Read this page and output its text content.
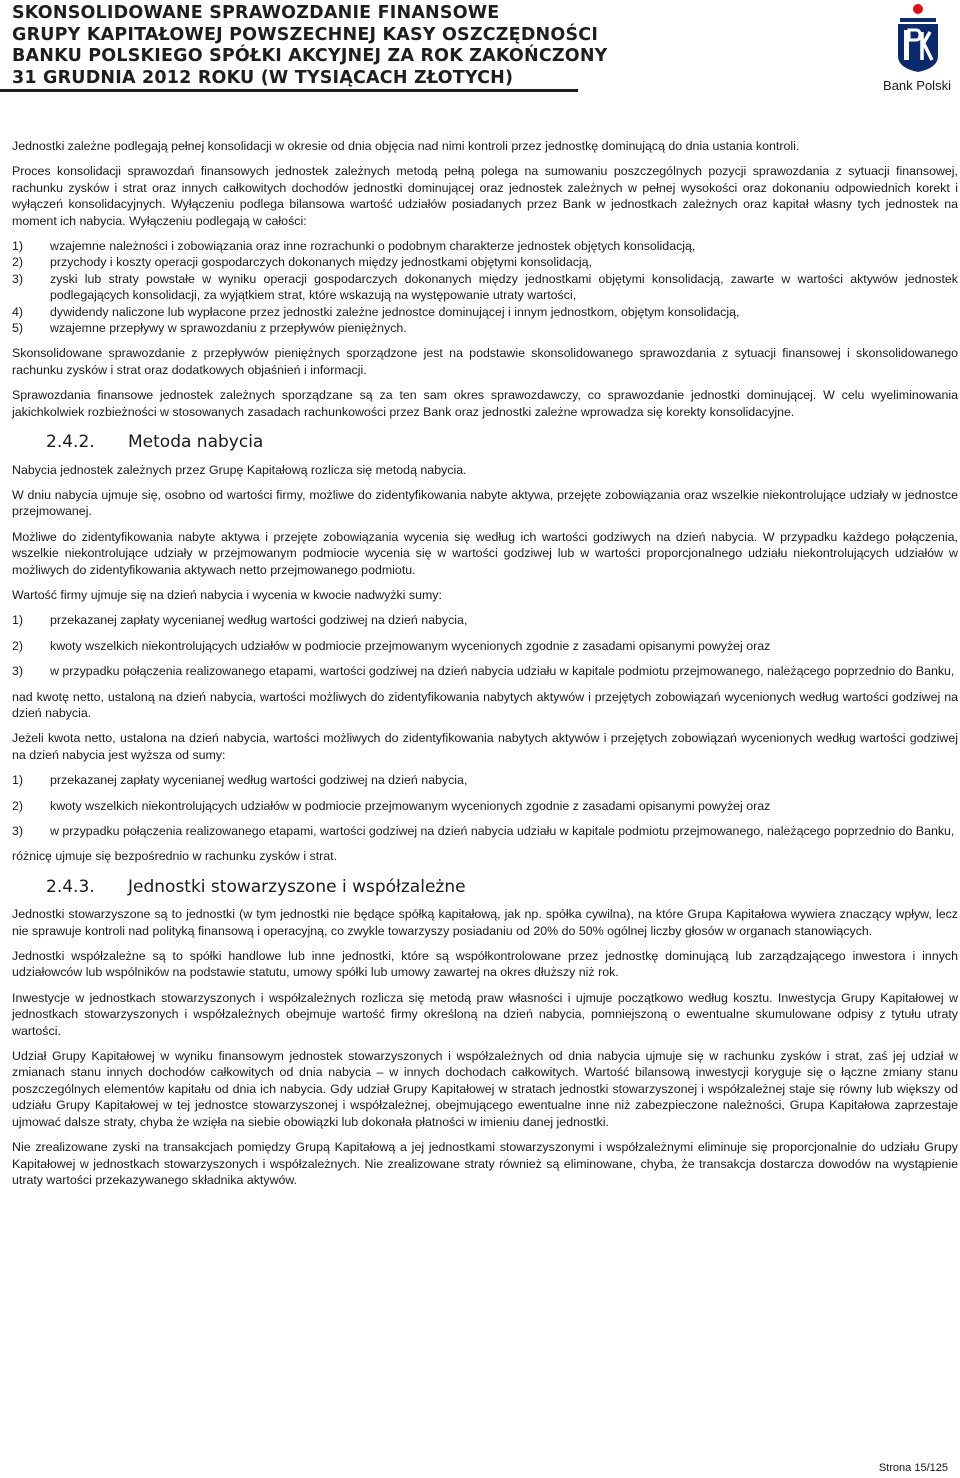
SKONSOLIDOWANE SPRAWOZDANIE FINANSOWE
GRUPY KAPITAŁOWEJ POWSZECHNEJ KASY OSZCZĘDNOŚCI
BANKU POLSKIEGO SPÓŁKI AKCYJNEJ ZA ROK ZAKOŃCZONY
31 GRUDNIA 2012 ROKU (W TYSIĄCACH ZŁOTYCH)	Bank Polski

Jednostki zależne podlegają pełnej konsolidacji w okresie od dnia objęcia nad nimi kontroli przez jednostkę dominującą do dnia ustania kontroli.

Proces konsolidacji sprawozdań finansowych jednostek zależnych metodą pełną polega na sumowaniu poszczególnych pozycji sprawozdania z sytuacji finansowej, rachunku zysków i strat oraz innych całkowitych dochodów jednostki dominującej oraz jednostek zależnych w pełnej wysokości oraz dokonaniu odpowiednich korekt i wyłączeń konsolidacyjnych. Wyłączeniu podlega bilansowa wartość udziałów posiadanych przez Bank w jednostkach zależnych oraz kapitał własny tych jednostek na moment ich nabycia. Wyłączeniu podlegają w całości:

1)	wzajemne należności i zobowiązania oraz inne rozrachunki o podobnym charakterze jednostek objętych konsolidacją,
2)	przychody i koszty operacji gospodarczych dokonanych między jednostkami objętymi konsolidacją,
3)	zyski lub straty powstałe w wyniku operacji gospodarczych dokonanych między jednostkami objętymi konsolidacją, zawarte w wartości aktywów jednostek podlegających konsolidacji, za wyjątkiem strat, które wskazują na występowanie utraty wartości,
4)	dywidendy naliczone lub wypłacone przez jednostki zależne jednostce dominującej i innym jednostkom, objętym konsolidacją,
5)	wzajemne przepływy w sprawozdaniu z przepływów pieniężnych.

Skonsolidowane sprawozdanie z przepływów pieniężnych sporządzone jest na podstawie skonsolidowanego sprawozdania z sytuacji finansowej i skonsolidowanego rachunku zysków i strat oraz dodatkowych objaśnień i informacji.

Sprawozdania finansowe jednostek zależnych sporządzane są za ten sam okres sprawozdawczy, co sprawozdanie jednostki dominującej. W celu wyeliminowania jakichkolwiek rozbieżności w stosowanych zasadach rachunkowości przez Bank oraz jednostki zależne wprowadza się korekty konsolidacyjne.

2.4.2.	Metoda nabycia

Nabycia jednostek zależnych przez Grupę Kapitałową rozlicza się metodą nabycia.

W dniu nabycia ujmuje się, osobno od wartości firmy, możliwe do zidentyfikowania nabyte aktywa, przejęte zobowiązania oraz wszelkie niekontrolujące udziały w jednostce przejmowanej.

Możliwe do zidentyfikowania nabyte aktywa i przejęte zobowiązania wycenia się według ich wartości godziwych na dzień nabycia. W przypadku każdego połączenia, wszelkie niekontrolujące udziały w przejmowanym podmiocie wycenia się w wartości godziwej lub w wartości proporcjonalnego udziału niekontrolujących udziałów w możliwych do zidentyfikowania aktywach netto przejmowanego podmiotu.

Wartość firmy ujmuje się na dzień nabycia i wycenia w kwocie nadwyżki sumy:

1)	przekazanej zapłaty wycenianej według wartości godziwej na dzień nabycia,
2)	kwoty wszelkich niekontrolujących udziałów w podmiocie przejmowanym wycenionych zgodnie z zasadami opisanymi powyżej oraz
3)	w przypadku połączenia realizowanego etapami, wartości godziwej na dzień nabycia udziału w kapitale podmiotu przejmowanego, należącego poprzednio do Banku,

nad kwotę netto, ustaloną na dzień nabycia, wartości możliwych do zidentyfikowania nabytych aktywów i przejętych zobowiązań wycenionych według wartości godziwej na dzień nabycia.

Jeżeli kwota netto, ustalona na dzień nabycia, wartości możliwych do zidentyfikowania nabytych aktywów i przejętych zobowiązań wycenionych według wartości godziwej na dzień nabycia jest wyższa od sumy:

1)	przekazanej zapłaty wycenianej według wartości godziwej na dzień nabycia,
2)	kwoty wszelkich niekontrolujących udziałów w podmiocie przejmowanym wycenionych zgodnie z zasadami opisanymi powyżej oraz
3)	w przypadku połączenia realizowanego etapami, wartości godziwej na dzień nabycia udziału w kapitale podmiotu przejmowanego, należącego poprzednio do Banku,

różnicę ujmuje się bezpośrednio w rachunku zysków i strat.

2.4.3.	Jednostki stowarzyszone i współzależne

Jednostki stowarzyszone są to jednostki (w tym jednostki nie będące spółką kapitałową, jak np. spółka cywilna), na które Grupa Kapitałowa wywiera znaczący wpływ, lecz nie sprawuje kontroli nad polityką finansową i operacyjną, co zwykle towarzyszy posiadaniu od 20% do 50% ogólnej liczby głosów w organach stanowiących.

Jednostki współzależne są to spółki handlowe lub inne jednostki, które są współkontrolowane przez jednostkę dominującą lub zarządzającego inwestora i innych udziałowców lub wspólników na podstawie statutu, umowy spółki lub umowy zawartej na okres dłuższy niż rok.

Inwestycje w jednostkach stowarzyszonych i współzależnych rozlicza się metodą praw własności i ujmuje początkowo według kosztu. Inwestycja Grupy Kapitałowej w jednostkach stowarzyszonych i współzależnych obejmuje wartość firmy określoną na dzień nabycia, pomniejszoną o ewentualne skumulowane odpisy z tytułu utraty wartości.

Udział Grupy Kapitałowej w wyniku finansowym jednostek stowarzyszonych i współzależnych od dnia nabycia ujmuje się w rachunku zysków i strat, zaś jej udział w zmianach stanu innych dochodów całkowitych od dnia nabycia – w innych dochodach całkowitych. Wartość bilansową inwestycji koryguje się o łączne zmiany stanu poszczególnych elementów kapitału od dnia ich nabycia. Gdy udział Grupy Kapitałowej w stratach jednostki stowarzyszonej i współzależnej staje się równy lub większy od udziału Grupy Kapitałowej w tej jednostce stowarzyszonej i współzależnej, obejmującego ewentualne inne niż zabezpieczone należności, Grupa Kapitałowa zaprzestaje ujmować dalsze straty, chyba że wzięła na siebie obowiązki lub dokonała płatności w imieniu danej jednostki.

Nie zrealizowane zyski na transakcjach pomiędzy Grupą Kapitałową a jej jednostkami stowarzyszonymi i współzależnymi eliminuje się proporcjonalnie do udziału Grupy Kapitałowej w jednostkach stowarzyszonych i współzależnych. Nie zrealizowane straty również są eliminowane, chyba, że transakcja dostarcza dowodów na wystąpienie utraty wartości przekazywanego składnika aktywów.

Strona 15/125
